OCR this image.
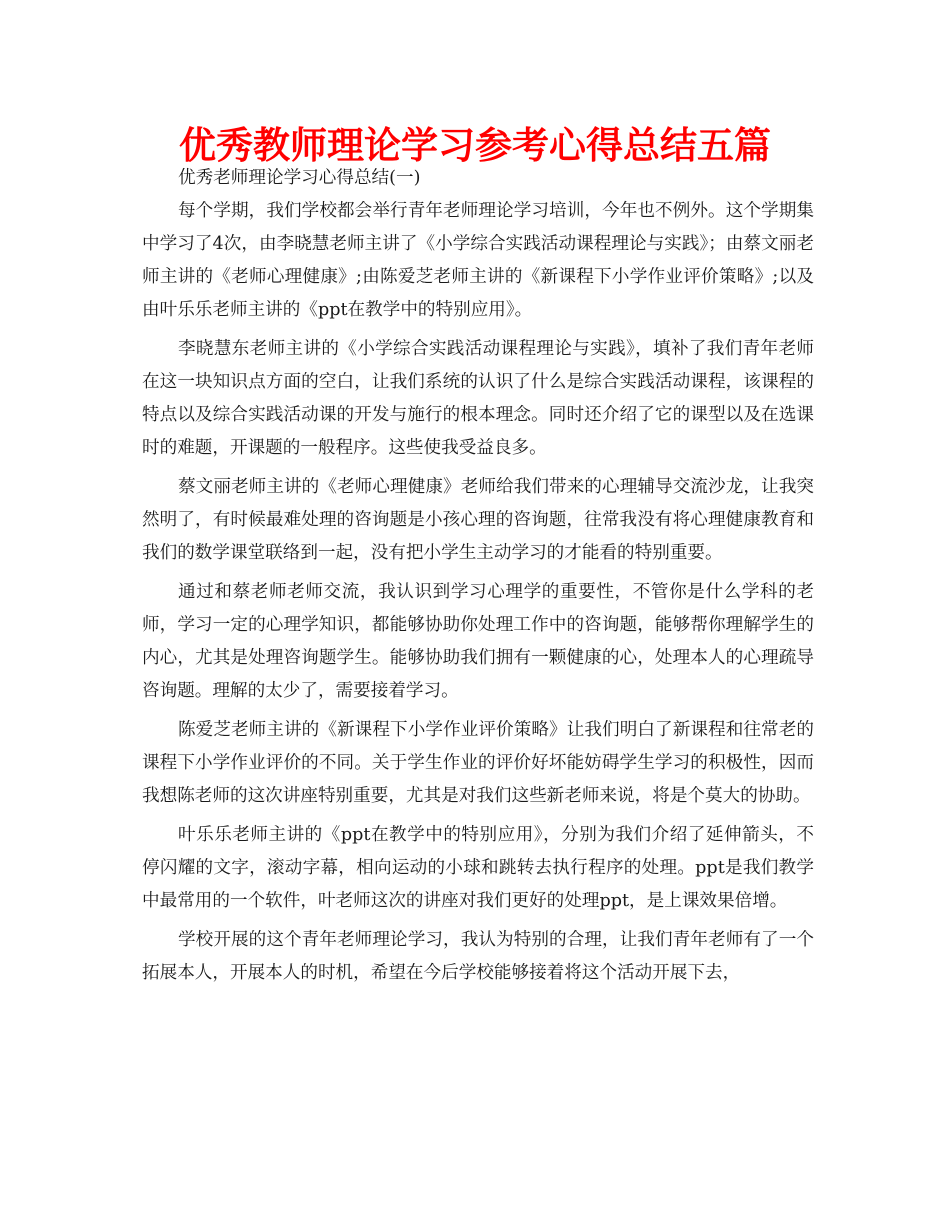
优秀教师理论学习参考心得总结五篇

优秀老师理论学习心得总结(一)

每个学期，我们学校都会举行青年老师理论学习培训，今年也不例外。这个学期集中学习了4次，由李晓慧老师主讲了《小学综合实践活动课程理论与实践》；由蔡文丽老师主讲的《老师心理健康》;由陈爱芝老师主讲的《新课程下小学作业评价策略》;以及由叶乐乐老师主讲的《ppt在教学中的特别应用》。

李晓慧东老师主讲的《小学综合实践活动课程理论与实践》，填补了我们青年老师在这一块知识点方面的空白，让我们系统的认识了什么是综合实践活动课程，该课程的特点以及综合实践活动课的开发与施行的根本理念。同时还介绍了它的课型以及在选课时的难题，开课题的一般程序。这些使我受益良多。

蔡文丽老师主讲的《老师心理健康》老师给我们带来的心理辅导交流沙龙，让我突然明了，有时候最难处理的咨询题是小孩心理的咨询题，往常我没有将心理健康教育和我们的数学课堂联络到一起，没有把小学生主动学习的才能看的特别重要。

通过和蔡老师老师交流，我认识到学习心理学的重要性，不管你是什么学科的老师，学习一定的心理学知识，都能够协助你处理工作中的咨询题，能够帮你理解学生的内心，尤其是处理咨询题学生。能够协助我们拥有一颗健康的心，处理本人的心理疏导咨询题。理解的太少了，需要接着学习。

陈爱芝老师主讲的《新课程下小学作业评价策略》让我们明白了新课程和往常老的课程下小学作业评价的不同。关于学生作业的评价好坏能妨碍学生学习的积极性，因而我想陈老师的这次讲座特别重要，尤其是对我们这些新老师来说，将是个莫大的协助。

叶乐乐老师主讲的《ppt在教学中的特别应用》，分别为我们介绍了延伸箭头，不停闪耀的文字，滚动字幕，相向运动的小球和跳转去执行程序的处理。ppt是我们教学中最常用的一个软件，叶老师这次的讲座对我们更好的处理ppt，是上课效果倍增。

学校开展的这个青年老师理论学习，我认为特别的合理，让我们青年老师有了一个拓展本人，开展本人的时机，希望在今后学校能够接着将这个活动开展下去，
